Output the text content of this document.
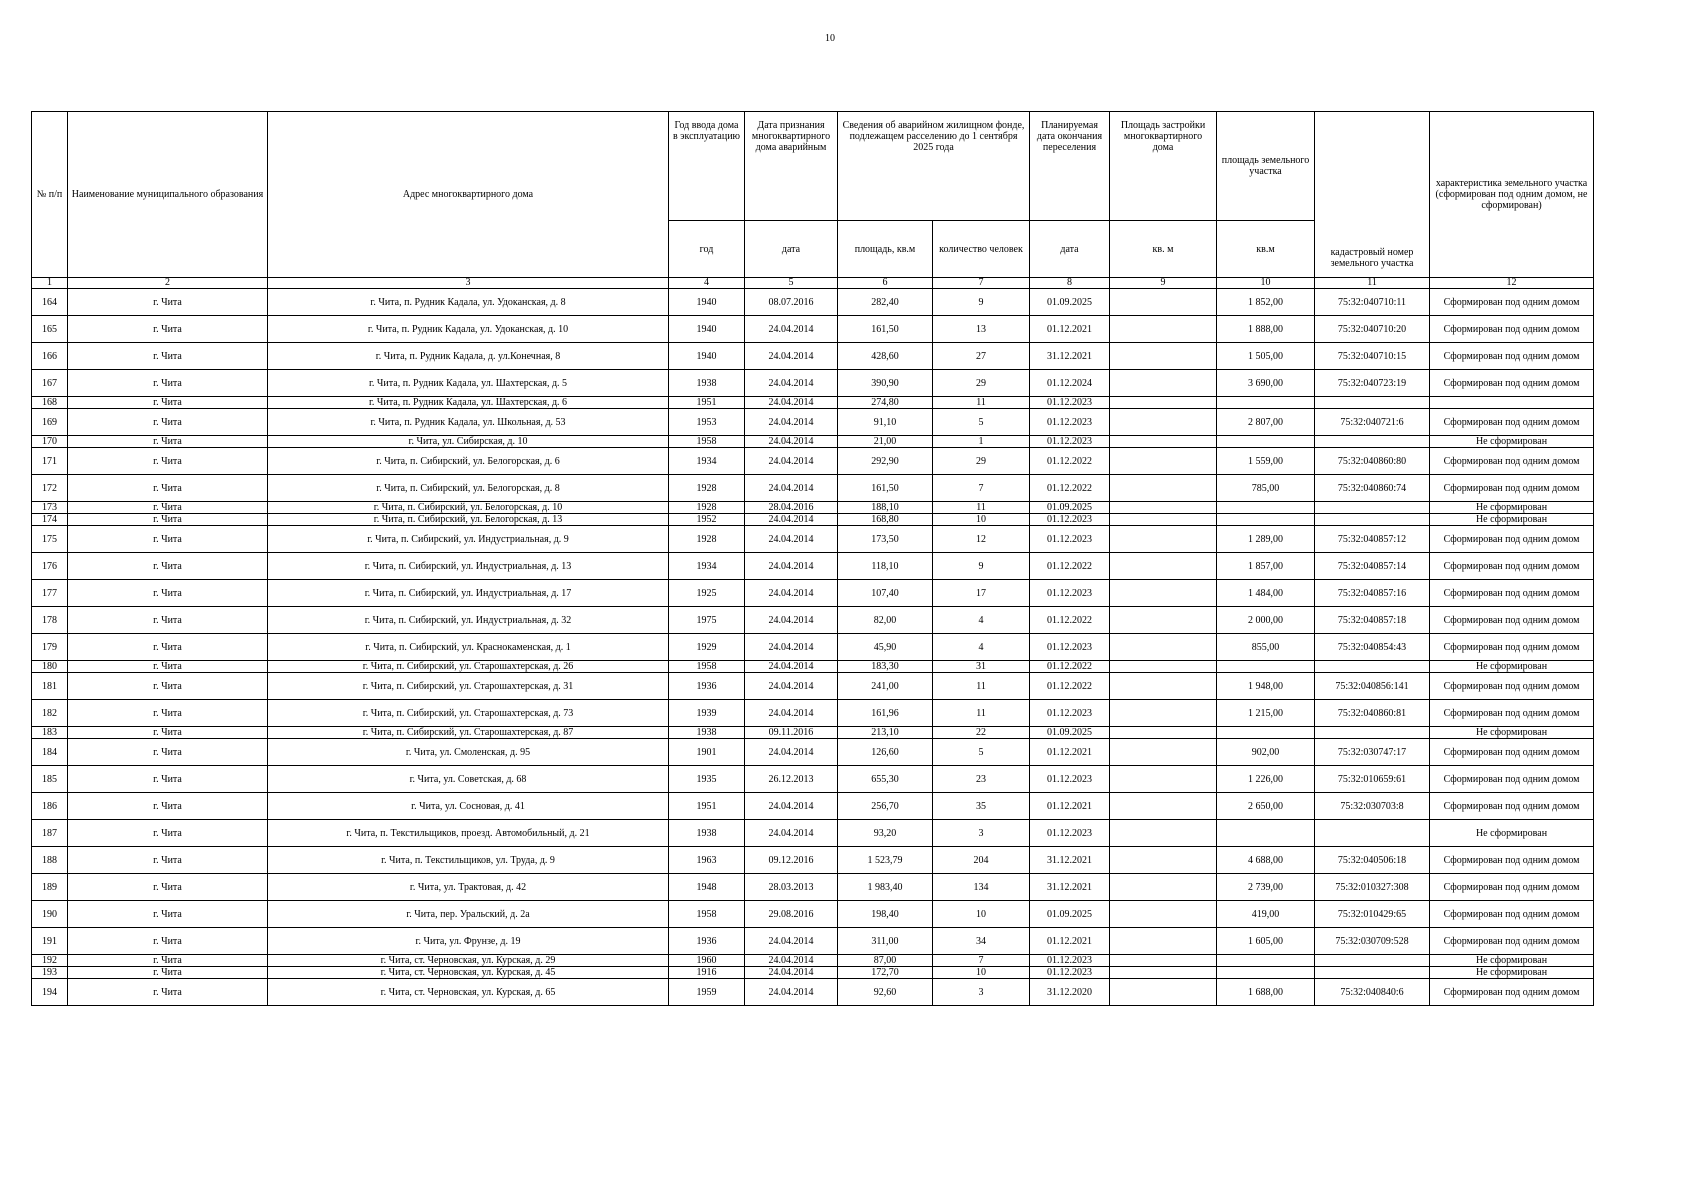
10
№ п/п	Наименование муниципального образования	Адрес многоквартирного дома	Год ввода дома в эксплуатацию	Дата признания многоквартирного дома аварийным	Сведения об аварийном жилищном фонде, подлежащем расселению до 1 сентября 2025 года		Планируемая дата окончания переселения	Площадь застройки многоквартирного дома	площадь земельного участка	кадастровый номер земельного участка	характеристика земельного участка (сформирован под одним домом, не сформирован)
			год	дата	площадь, кв.м	количество человек	дата	кв. м	кв.м		
1	2	3	4	5	6	7	8	9	10	11	12
164	г. Чита	г. Чита, п. Рудник Кадала, ул. Удоканская, д. 8	1940	08.07.2016	282,40	9	01.09.2025		1 852,00	75:32:040710:11	Сформирован под одним домом
165	г. Чита	г. Чита, п. Рудник Кадала, ул. Удоканская, д. 10	1940	24.04.2014	161,50	13	01.12.2021		1 888,00	75:32:040710:20	Сформирован под одним домом
166	г. Чита	г. Чита, п. Рудник Кадала, д. ул.Конечная, 8	1940	24.04.2014	428,60	27	31.12.2021		1 505,00	75:32:040710:15	Сформирован под одним домом
167	г. Чита	г. Чита, п. Рудник Кадала, ул. Шахтерская, д. 5	1938	24.04.2014	390,90	29	01.12.2024		3 690,00	75:32:040723:19	Сформирован под одним домом
168	г. Чита	г. Чита, п. Рудник Кадала, ул. Шахтерская, д. 6	1951	24.04.2014	274,80	11	01.12.2023				
169	г. Чита	г. Чита, п. Рудник Кадала, ул. Школьная, д. 53	1953	24.04.2014	91,10	5	01.12.2023		2 807,00	75:32:040721:6	Сформирован под одним домом
170	г. Чита	г. Чита, ул. Сибирская, д. 10	1958	24.04.2014	21,00	1	01.12.2023				Не сформирован
171	г. Чита	г. Чита, п. Сибирский, ул. Белогорская, д. 6	1934	24.04.2014	292,90	29	01.12.2022		1 559,00	75:32:040860:80	Сформирован под одним домом
172	г. Чита	г. Чита, п. Сибирский, ул. Белогорская, д. 8	1928	24.04.2014	161,50	7	01.12.2022		785,00	75:32:040860:74	Сформирован под одним домом
173	г. Чита	г. Чита, п. Сибирский, ул. Белогорская, д. 10	1928	28.04.2016	188,10	11	01.09.2025				Не сформирован
174	г. Чита	г. Чита, п. Сибирский, ул. Белогорская, д. 13	1952	24.04.2014	168,80	10	01.12.2023				Не сформирован
175	г. Чита	г. Чита, п. Сибирский, ул. Индустриальная, д. 9	1928	24.04.2014	173,50	12	01.12.2023		1 289,00	75:32:040857:12	Сформирован под одним домом
176	г. Чита	г. Чита, п. Сибирский, ул. Индустриальная, д. 13	1934	24.04.2014	118,10	9	01.12.2022		1 857,00	75:32:040857:14	Сформирован под одним домом
177	г. Чита	г. Чита, п. Сибирский, ул. Индустриальная, д. 17	1925	24.04.2014	107,40	17	01.12.2023		1 484,00	75:32:040857:16	Сформирован под одним домом
178	г. Чита	г. Чита, п. Сибирский, ул. Индустриальная, д. 32	1975	24.04.2014	82,00	4	01.12.2022		2 000,00	75:32:040857:18	Сформирован под одним домом
179	г. Чита	г. Чита, п. Сибирский, ул. Краснокаменская, д. 1	1929	24.04.2014	45,90	4	01.12.2023		855,00	75:32:040854:43	Сформирован под одним домом
180	г. Чита	г. Чита, п. Сибирский, ул. Старошахтерская, д. 26	1958	24.04.2014	183,30	31	01.12.2022				Не сформирован
181	г. Чита	г. Чита, п. Сибирский, ул. Старошахтерская, д. 31	1936	24.04.2014	241,00	11	01.12.2022		1 948,00	75:32:040856:141	Сформирован под одним домом
182	г. Чита	г. Чита, п. Сибирский, ул. Старошахтерская, д. 73	1939	24.04.2014	161,96	11	01.12.2023		1 215,00	75:32:040860:81	Сформирован под одним домом
183	г. Чита	г. Чита, п. Сибирский, ул. Старошахтерская, д. 87	1938	09.11.2016	213,10	22	01.09.2025				Не сформирован
184	г. Чита	г. Чита, ул. Смоленская, д. 95	1901	24.04.2014	126,60	5	01.12.2021		902,00	75:32:030747:17	Сформирован под одним домом
185	г. Чита	г. Чита, ул. Советская, д. 68	1935	26.12.2013	655,30	23	01.12.2023		1 226,00	75:32:010659:61	Сформирован под одним домом
186	г. Чита	г. Чита, ул. Сосновая, д. 41	1951	24.04.2014	256,70	35	01.12.2021		2 650,00	75:32:030703:8	Сформирован под одним домом
187	г. Чита	г. Чита, п. Текстильщиков, проезд. Автомобильный, д. 21	1938	24.04.2014	93,20	3	01.12.2023				Не сформирован
188	г. Чита	г. Чита, п. Текстильщиков, ул. Труда, д. 9	1963	09.12.2016	1 523,79	204	31.12.2021		4 688,00	75:32:040506:18	Сформирован под одним домом
189	г. Чита	г. Чита, ул. Трактовая, д. 42	1948	28.03.2013	1 983,40	134	31.12.2021		2 739,00	75:32:010327:308	Сформирован под одним домом
190	г. Чита	г. Чита, пер. Уральский, д. 2а	1958	29.08.2016	198,40	10	01.09.2025		419,00	75:32:010429:65	Сформирован под одним домом
191	г. Чита	г. Чита, ул. Фрунзе, д. 19	1936	24.04.2014	311,00	34	01.12.2021		1 605,00	75:32:030709:528	Сформирован под одним домом
192	г. Чита	г. Чита, ст. Черновская, ул. Курская, д. 29	1960	24.04.2014	87,00	7	01.12.2023				Не сформирован
193	г. Чита	г. Чита, ст. Черновская, ул. Курская, д. 45	1916	24.04.2014	172,70	10	01.12.2023				Не сформирован
194	г. Чита	г. Чита, ст. Черновская, ул. Курская, д. 65	1959	24.04.2014	92,60	3	31.12.2020		1 688,00	75:32:040840:6	Сформирован под одним домом
